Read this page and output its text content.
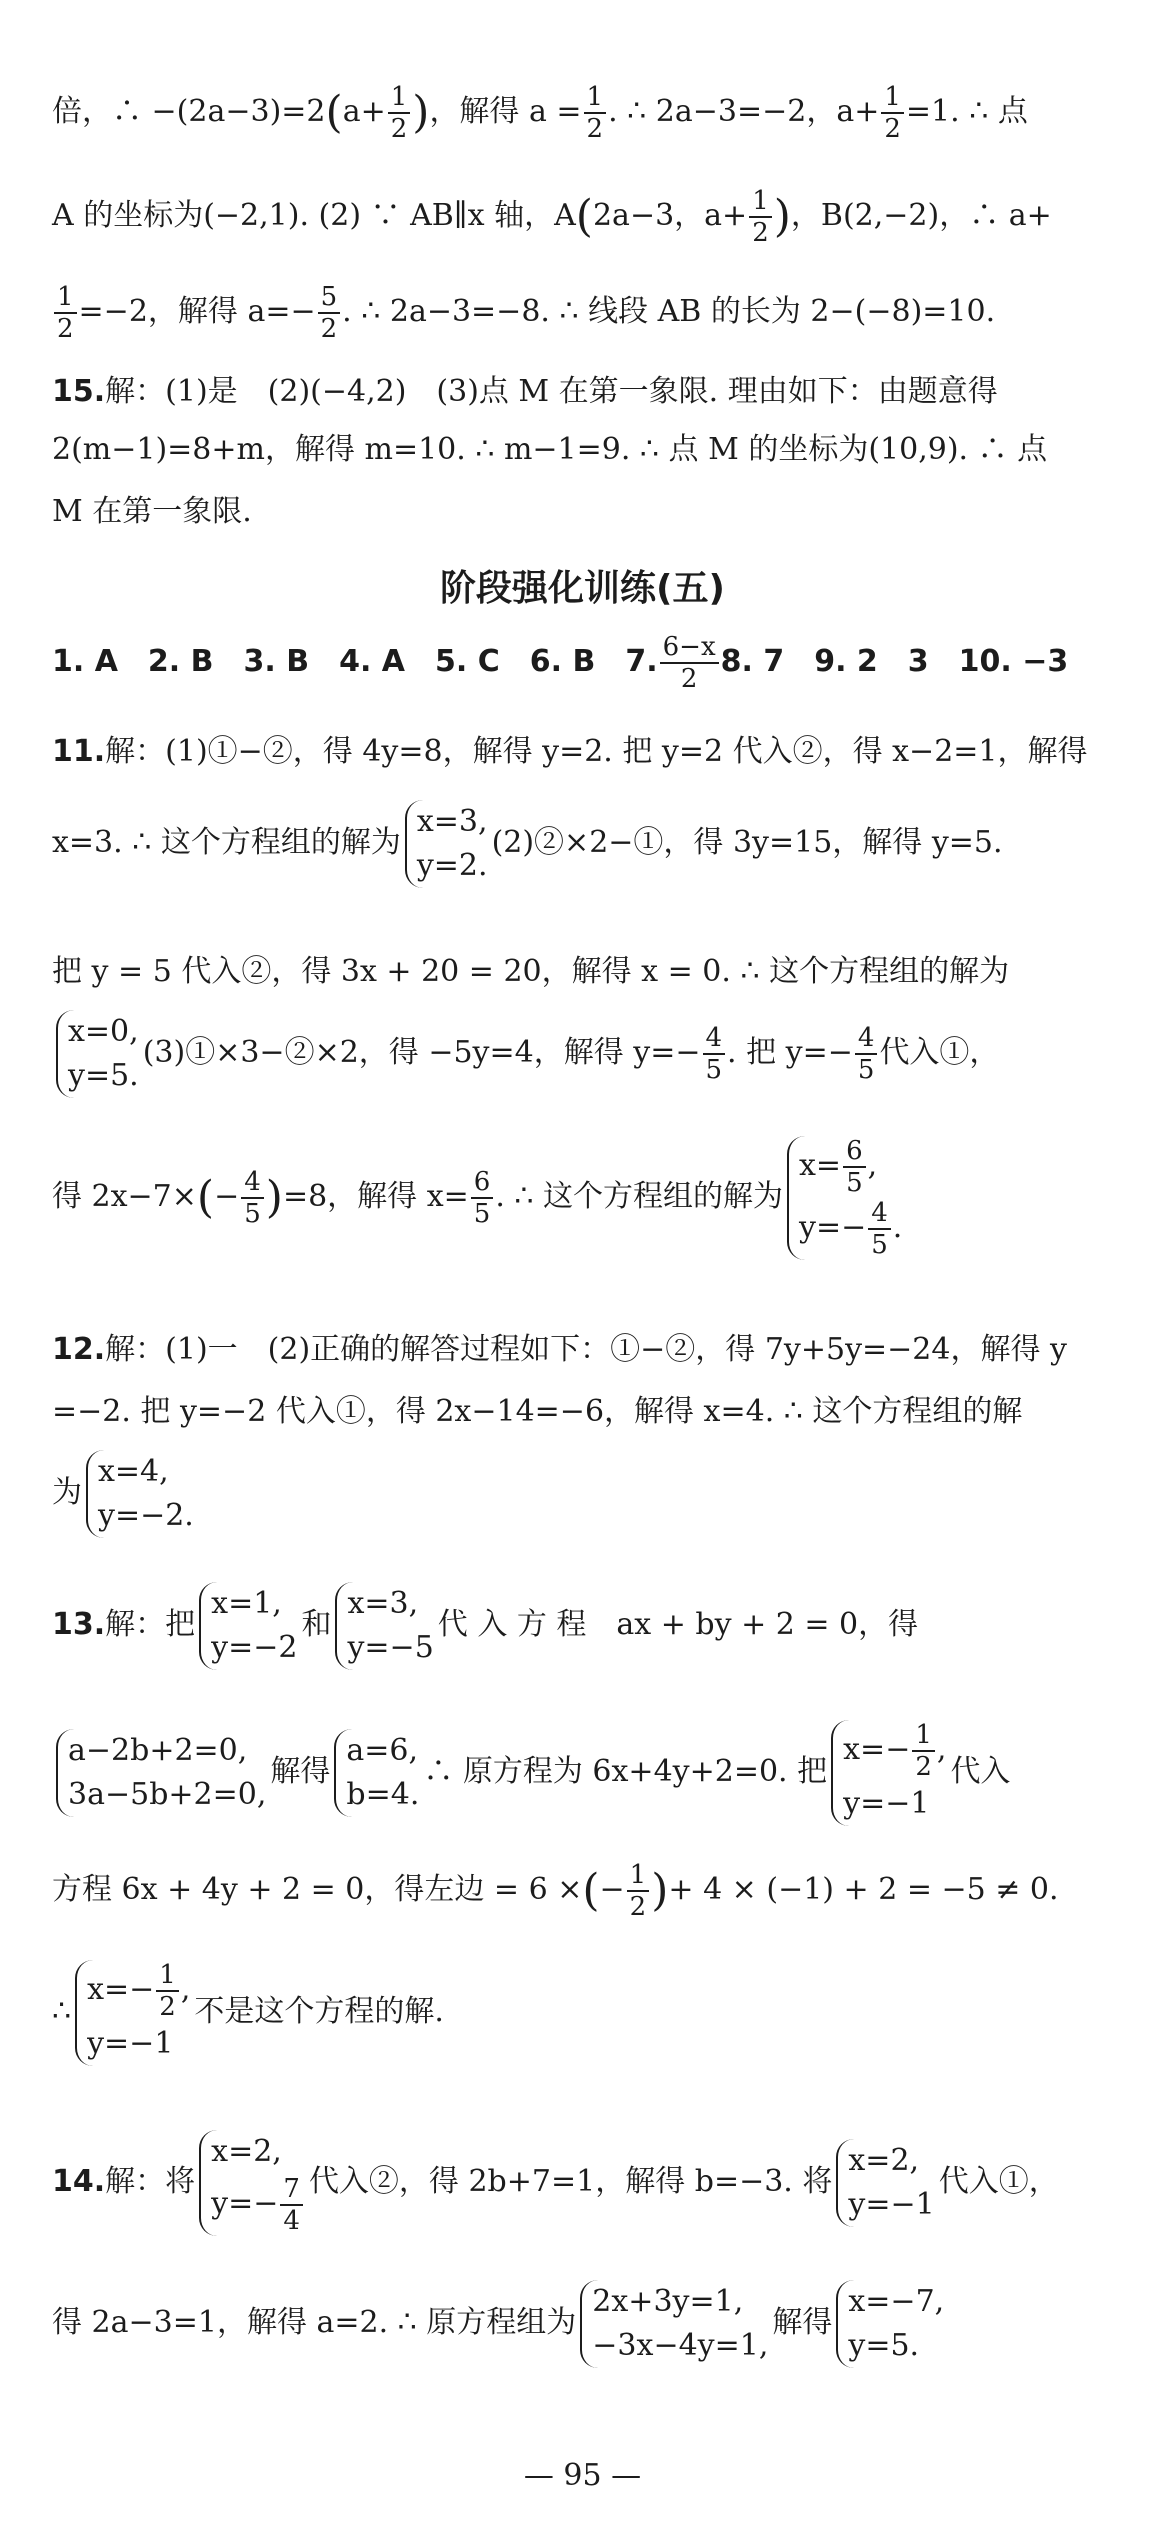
倍，∴ $-(2a-3)=2(a+ \frac{1}{2}$ )，解得 $a = \frac{1}{2}$ . ∴ 2a−3=−2，$a+ \frac{1}{2} =1$. ∴ 点
A 的坐标为(−2,1). (2) ∵ AB∥x 轴，A(2a−3，$a+ \frac{1}{2}$ )，B(2,−2)，∴ a+
$\frac{1}{2} =-2$，解得 $a=- \frac{5}{2}$ . ∴ 2a−3=−8. ∴ 线段 AB 的长为 2−(−8)=10.
15.解：(1)是　(2)(−4,2)　(3)点 M 在第一象限. 理由如下：由题意得
2(m−1)=8+m，解得 m=10. ∴ m−1=9. ∴ 点 M 的坐标为(10,9). ∴ 点
M 在第一象限.
阶段强化训练(五)
1. A　2. B　3. B　4. A　5. C　6. B　7. $\frac{6-x}{2} 8$. 7　9. 2　3　10. −3
11.解：(1)①−②，得 4y=8，解得 y=2. 把 y=2 代入②，得 x−2=1，解得
x=3. ∴ 这个方程组的解为
x=3,
y=2.
(2)②×2−①，得 3y=15，解得 y=5.
把 y = 5 代入②，得 3x + 20 = 20，解得 x = 0. ∴ 这个方程组的解为
x=0,
y=5.
(3)①×3−②×2，得 −5y=4，解得 $y=- \frac{4}{5}$ . 把 $y=- \frac{4}{5}$ 代入①，
得 $2x-7\times(- \frac{4}{5} )=8$，解得 $x= \frac{6}{5}$ . ∴ 这个方程组的解为
$x= \frac{6}{5}$ ,
$y=- \frac{4}{5}$ .
12.解：(1)一　(2)正确的解答过程如下：①−②，得 7y+5y=−24，解得 y
=−2. 把 y=−2 代入①，得 2x−14=−6，解得 x=4. ∴ 这个方程组的解
为
x=4,
y=−2.
13.解：把
x=1,
y=−2
和
x=3,
y=−5
代 入 方 程　ax + by + 2 = 0，得
a−2b+2=0,
3a−5b+2=0,
解得
a=6,
b=4.
∴ 原方程为 6x+4y+2=0. 把
$x=- \frac{1}{2}$ ,
y=−1
代入
方程 6x + 4y + 2 = 0，得左边 = 6 ×(− $\frac{1}{2}$ )+ 4 × (−1) + 2 = −5 ≠ 0.
∴
$x=- \frac{1}{2}$ ,
y=−1
不是这个方程的解.
14.解：将
x=2,
$y=- \frac{7}{4}$ 代入②，得 2b+7=1，解得 b=−3. 将
x=2,
y=−1
代入①，
得 2a−3=1，解得 a=2. ∴ 原方程组为
2x+3y=1,
−3x−4y=1,
解得
x=−7,
y=5.
— 95 —
